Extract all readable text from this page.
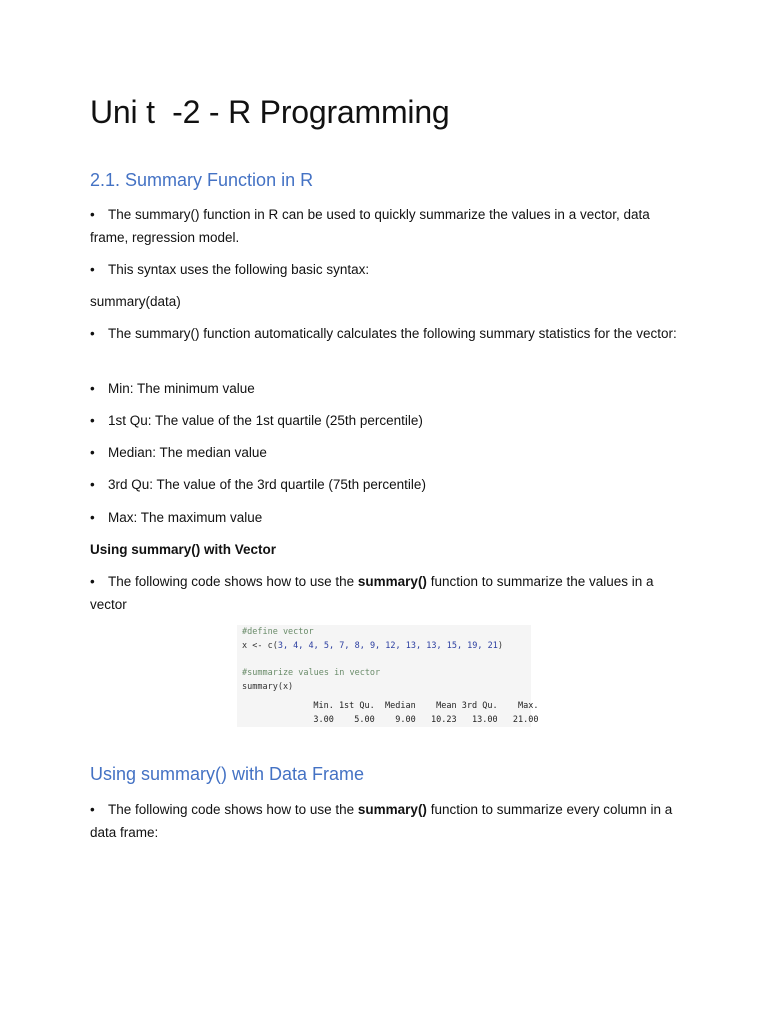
Uni t  -2 - R Programming
2.1. Summary Function in R
• The summary() function in R can be used to quickly summarize the values in a vector, data frame, regression model.
• This syntax uses the following basic syntax:
summary(data)
• The summary() function automatically calculates the following summary statistics for the vector:
• Min: The minimum value
• 1st Qu: The value of the 1st quartile (25th percentile)
• Median: The median value
• 3rd Qu: The value of the 3rd quartile (75th percentile)
• Max: The maximum value
Using summary() with Vector
• The following code shows how to use the summary() function to summarize the values in a vector
#define vector
x <- c(3, 4, 4, 5, 7, 8, 9, 12, 13, 13, 15, 19, 21)
#summarize values in vector
summary(x)
Min. 1st Qu.  Median    Mean 3rd Qu.    Max.
3.00    5.00    9.00   10.23   13.00   21.00
Using summary() with Data Frame
• The following code shows how to use the summary() function to summarize every column in a data frame:
